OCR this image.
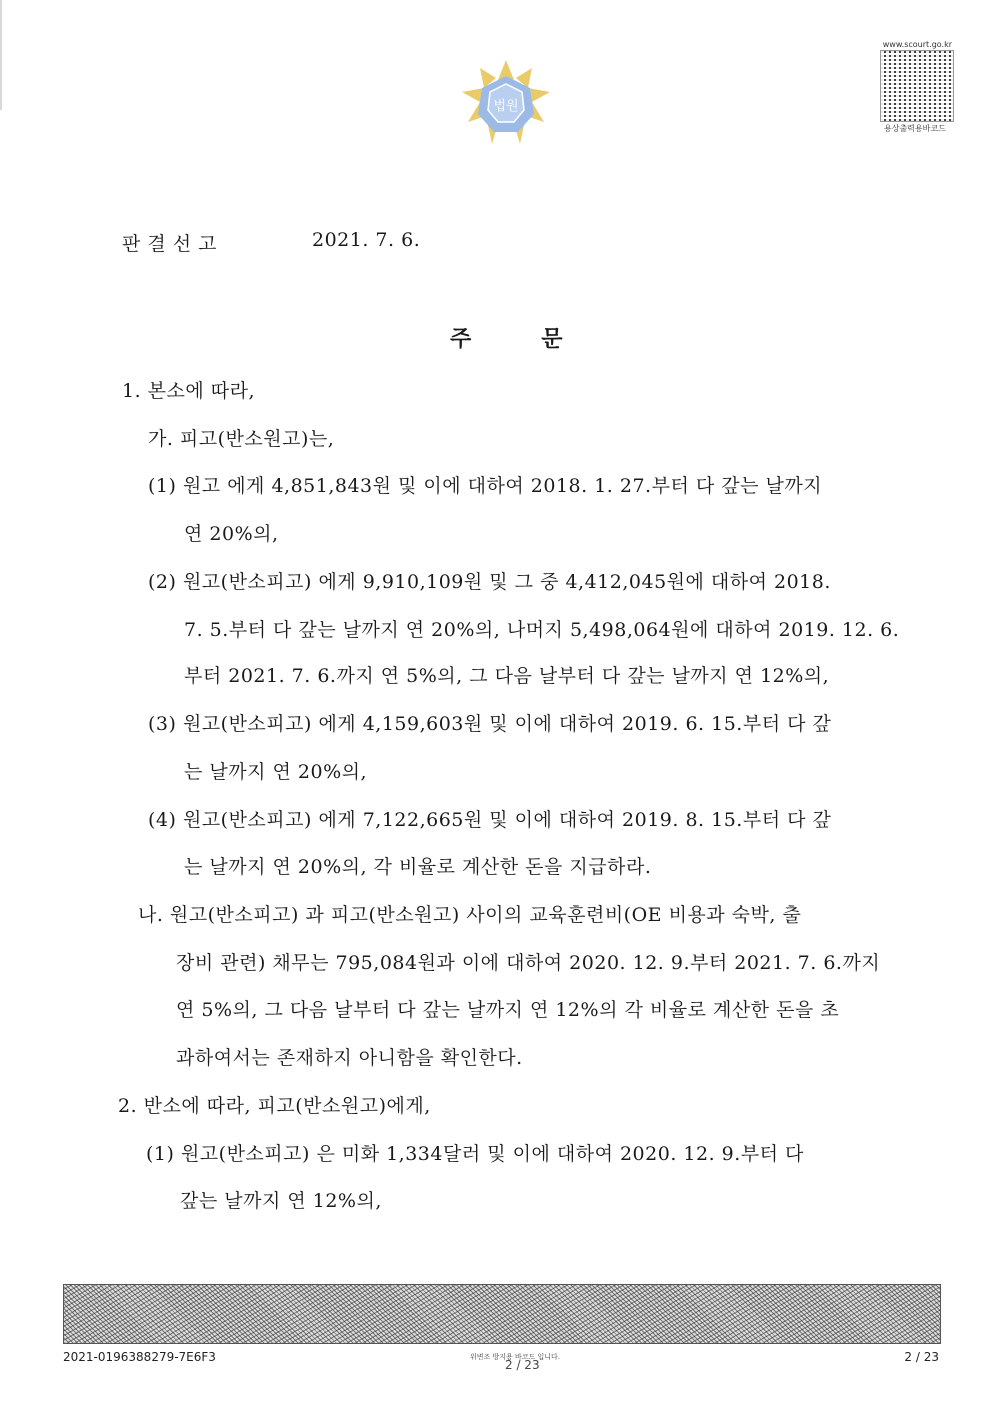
법원
www.scourt.go.kr
용상출력용바코드
판 결 선 고	2021. 7. 6.
주문
1. 본소에 따라,
가. 피고(반소원고)는,
(1) 원고 에게 4,851,843원 및 이에 대하여 2018. 1. 27.부터 다 갚는 날까지
연 20%의,
(2) 원고(반소피고) 에게 9,910,109원 및 그 중 4,412,045원에 대하여 2018.
7. 5.부터 다 갚는 날까지 연 20%의, 나머지 5,498,064원에 대하여 2019. 12. 6.
부터 2021. 7. 6.까지 연 5%의, 그 다음 날부터 다 갚는 날까지 연 12%의,
(3) 원고(반소피고) 에게 4,159,603원 및 이에 대하여 2019. 6. 15.부터 다 갚
는 날까지 연 20%의,
(4) 원고(반소피고) 에게 7,122,665원 및 이에 대하여 2019. 8. 15.부터 다 갚
는 날까지 연 20%의, 각 비율로 계산한 돈을 지급하라.
나. 원고(반소피고) 과 피고(반소원고) 사이의 교육훈련비(OE 비용과 숙박, 출
장비 관련) 채무는 795,084원과 이에 대하여 2020. 12. 9.부터 2021. 7. 6.까지
연 5%의, 그 다음 날부터 다 갚는 날까지 연 12%의 각 비율로 계산한 돈을 초
과하여서는 존재하지 아니함을 확인한다.
2. 반소에 따라, 피고(반소원고)에게,
(1) 원고(반소피고) 은 미화 1,334달러 및 이에 대하여 2020. 12. 9.부터 다
갚는 날까지 연 12%의,
2021-0196388279-7E6F3	위변조 방지용 바코드 입니다.
2 / 23
2 / 23
